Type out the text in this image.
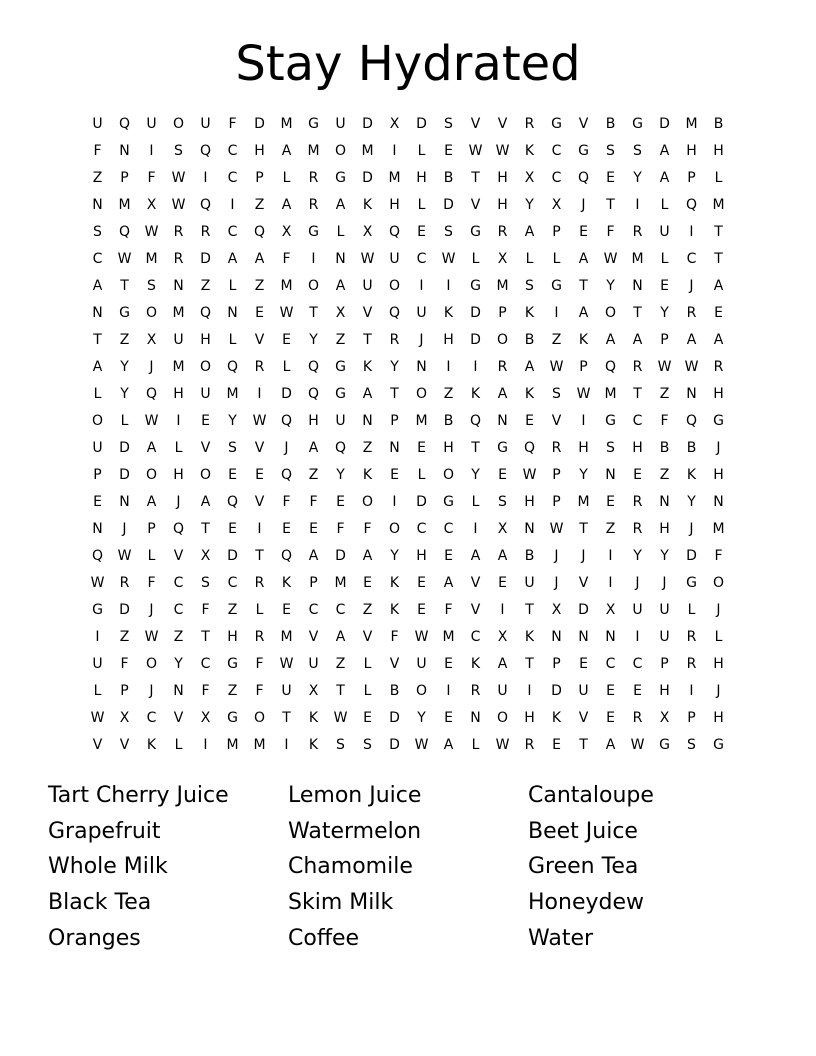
Stay Hydrated
U	Q	U	O	U	F	D	M	G	U	D	X	D	S	V	V	R	G	V	B	G	D	M	B
F	N	I	S	Q	C	H	A	M	O	M	I	L	E	W W	K	C	G	S	S	A	H	H
Z	P	F	W	I	C	P	L	R	G	D	M	H	B	T	H	X	C	Q	E	Y	A	P	L
N	M	X	W	Q	I	Z	A	R	A	K	H	L	D	V	H	Y	X	J	T	I	L	Q	M
S	Q	W	R	R	C	Q	X	G	L	X	Q	E	S	G	R	A	P	E	F	R	U	I	T
C	W	M	R	D	A	A	F	I	N	W	U	C	W	L	X	L	L	A	W	M	L	C	T
A	T	S	N	Z	L	Z	M	O	A	U	O	I	I	G	M	S	G	T	Y	N	E	J	A
N	G	O	M	Q	N	E	W	T	X	V	Q	U	K	D	P	K	I	A	O	T	Y	R	E
T	Z	X	U	H	L	V	E	Y	Z	T	R	J	H	D	O	B	Z	K	A	A	P	A	A
A	Y	J	M	O	Q	R	L	Q	G	K	Y	N	I	I	R	A	W	P	Q	R	W W	R
L	Y	Q	H	U	M	I	D	Q	G	A	T	O	Z	K	A	K	S	W	M	T	Z	N	H
O	L	W	I	E	Y	W	Q	H	U	N	P	M	B	Q	N	E	V	I	G	C	F	Q	G
U	D	A	L	V	S	V	J	A	Q	Z	N	E	H	T	G	Q	R	H	S	H	B	B	J
P	D	O	H	O	E	E	Q	Z	Y	K	E	L	O	Y	E	W	P	Y	N	E	Z	K	H
E	N	A	J	A	Q	V	F	F	E	O	I	D	G	L	S	H	P	M	E	R	N	Y	N
N	J	P	Q	T	E	I	E	E	F	F	O	C	C	I	X	N	W	T	Z	R	H	J	M
Q	W	L	V	X	D	T	Q	A	D	A	Y	H	E	A	A	B	J	J	I	Y	Y	D	F
W	R	F	C	S	C	R	K	P	M	E	K	E	A	V	E	U	J	V	I	J	J	G	O
G	D	J	C	F	Z	L	E	C	C	Z	K	E	F	V	I	T	X	D	X	U	U	L	J
I	Z	W	Z	T	H	R	M	V	A	V	F	W	M	C	X	K	N	N	N	I	U	R	L
U	F	O	Y	C	G	F	W	U	Z	L	V	U	E	K	A	T	P	E	C	C	P	R	H
L	P	J	N	F	Z	F	U	X	T	L	B	O	I	R	U	I	D	U	E	E	H	I	J
W	X	C	V	X	G	O	T	K	W	E	D	Y	E	N	O	H	K	V	E	R	X	P	H
V	V	K	L	I	M	M	I	K	S	S	D	W	A	L	W	R	E	T	A	W	G	S	G
Tart Cherry Juice
Grapefruit
Whole Milk
Black Tea
Oranges
Lemon Juice
Watermelon
Chamomile
Skim Milk
Coffee
Cantaloupe
Beet Juice
Green Tea
Honeydew
Water
